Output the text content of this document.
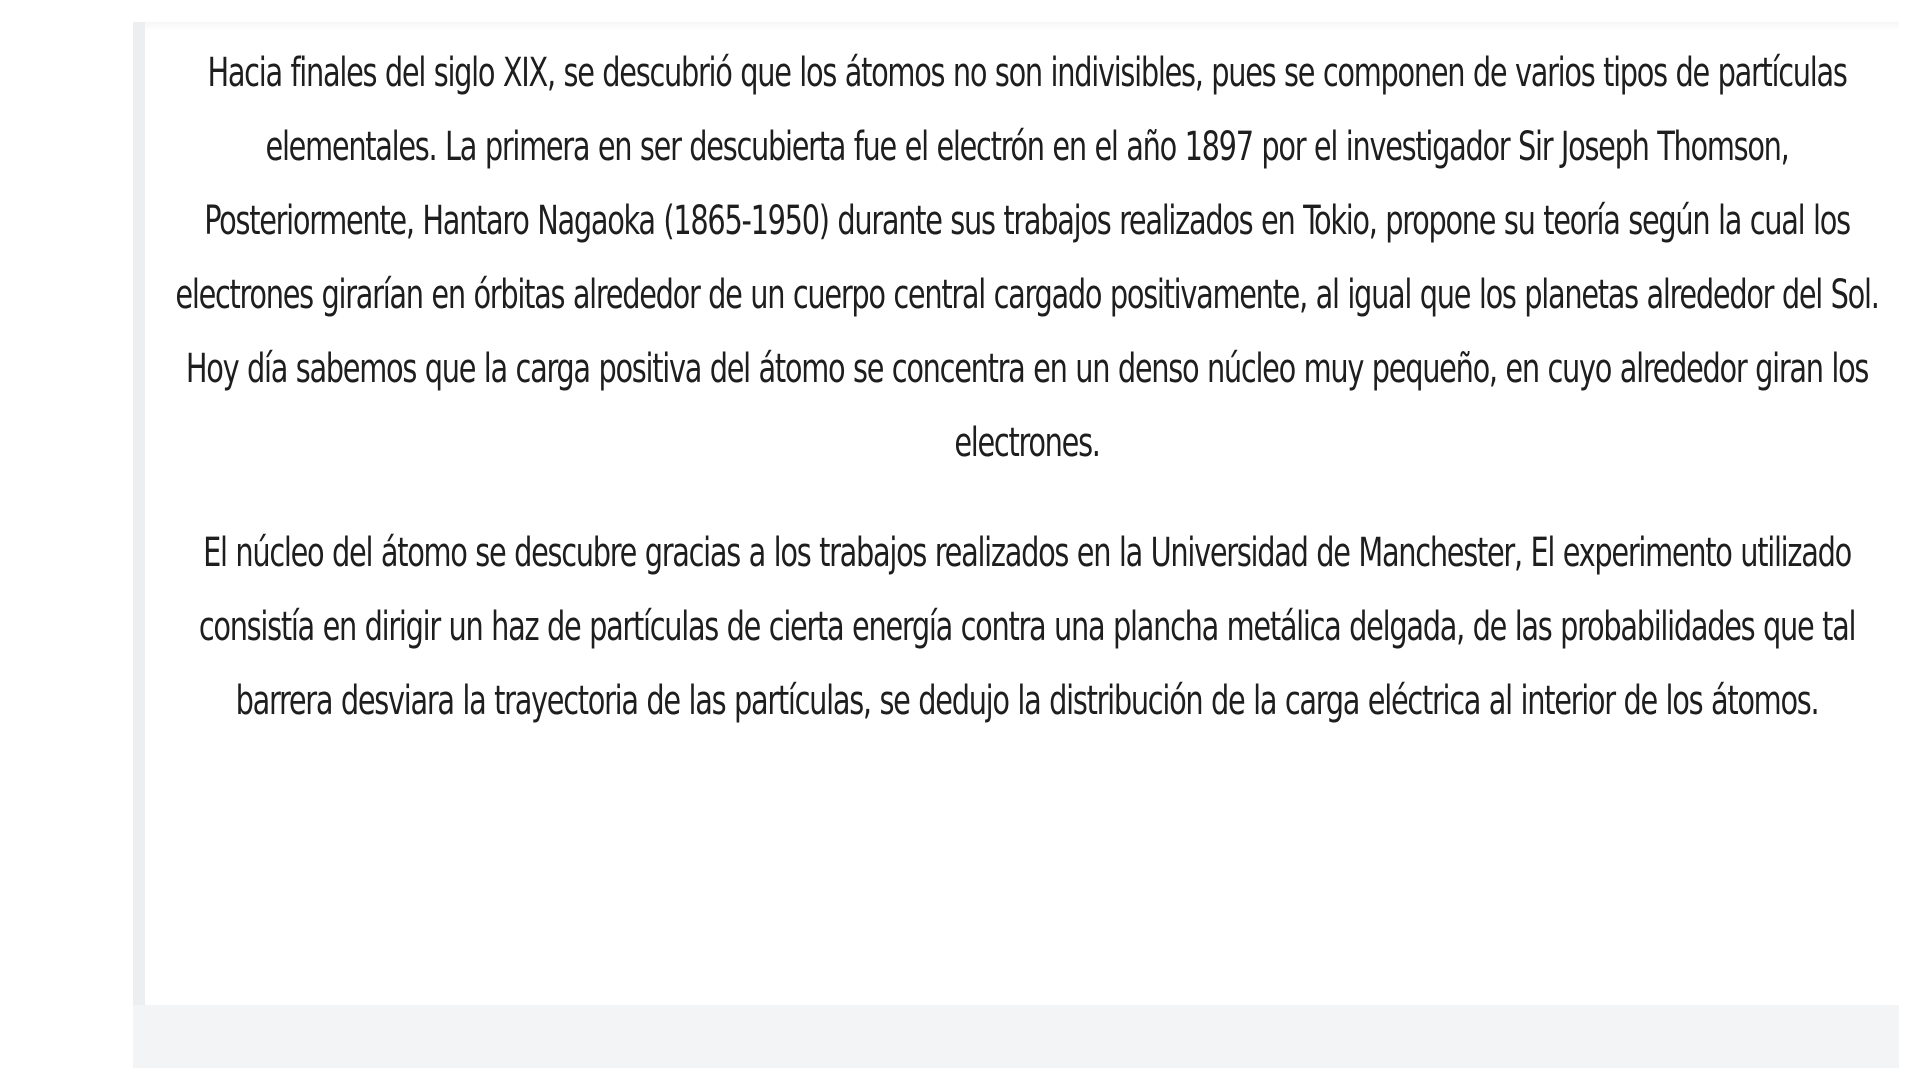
Hacia finales del siglo XIX, se descubrió que los átomos no son indivisibles, pues se componen de varios tipos de partículas elementales. La primera en ser descubierta fue el electrón en el año 1897 por el investigador Sir Joseph Thomson, Posteriormente, Hantaro Nagaoka (1865-1950) durante sus trabajos realizados en Tokio, propone su teoría según la cual los electrones girarían en órbitas alrededor de un cuerpo central cargado positivamente, al igual que los planetas alrededor del Sol. Hoy día sabemos que la carga positiva del átomo se concentra en un denso núcleo muy pequeño, en cuyo alrededor giran los electrones.

El núcleo del átomo se descubre gracias a los trabajos realizados en la Universidad de Manchester, El experimento utilizado consistía en dirigir un haz de partículas de cierta energía contra una plancha metálica delgada, de las probabilidades que tal barrera desviara la trayectoria de las partículas, se dedujo la distribución de la carga eléctrica al interior de los átomos.
